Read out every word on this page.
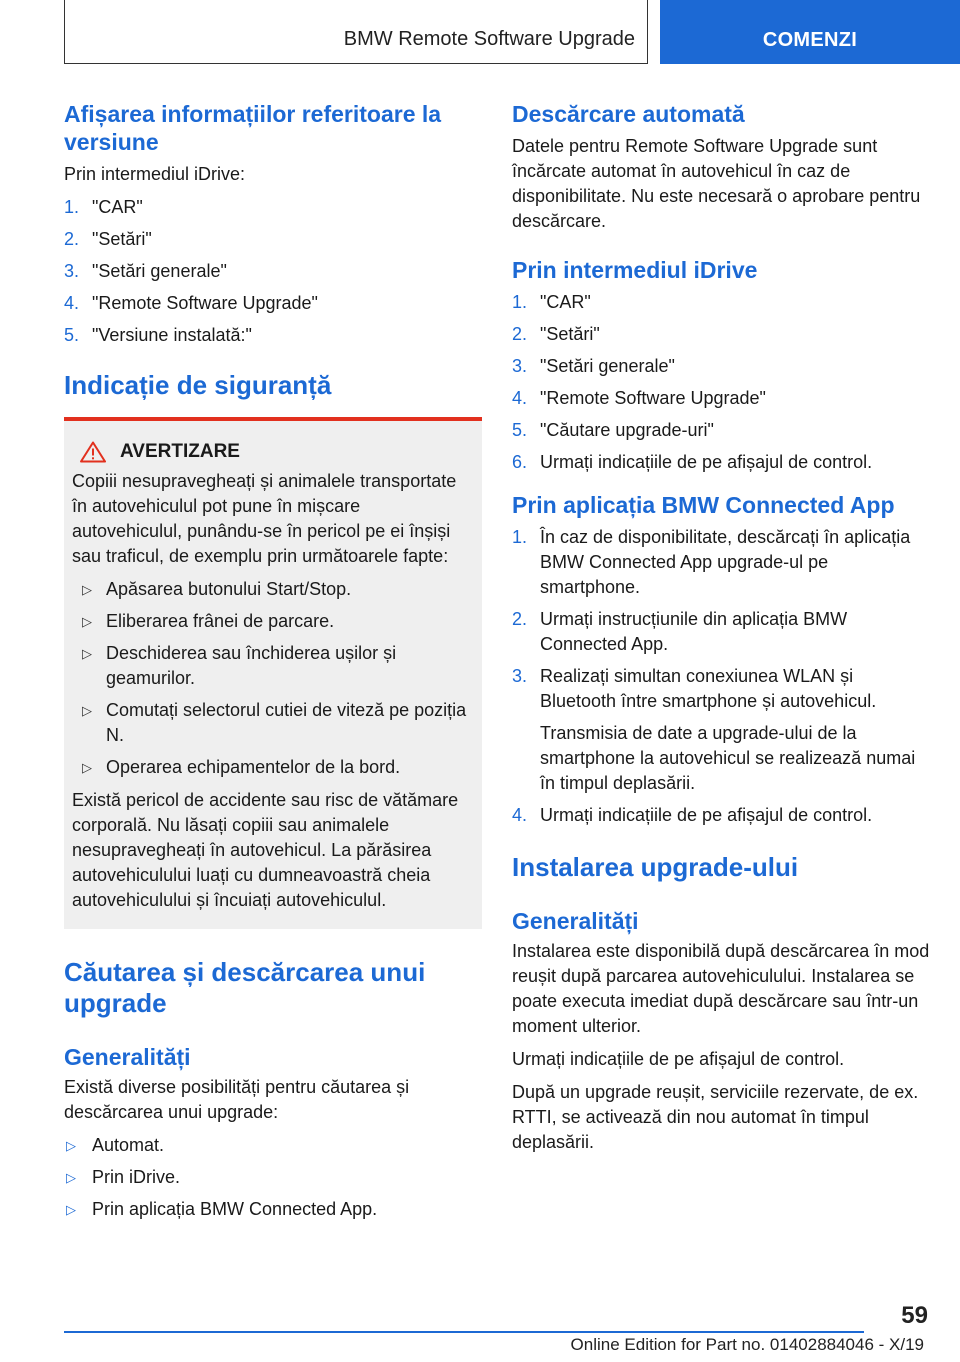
BMW Remote Software Upgrade	COMENZI
Afișarea informațiilor referitoare la versiune

Prin intermediul iDrive:

1. "CAR"
2. "Setări"
3. "Setări generale"
4. "Remote Software Upgrade"
5. "Versiune instalată:"
Indicație de siguranță
AVERTIZARE

Copiii nesupravegheați și animalele transportate în autovehiculul pot pune în mișcare autovehiculul, punându-se în pericol pe ei înșiși sau traficul, de exemplu prin următoarele fapte:

▷ Apăsarea butonului Start/Stop.
▷ Eliberarea frânei de parcare.
▷ Deschiderea sau închiderea ușilor și geamurilor.
▷ Comutați selectorul cutiei de viteză pe poziția N.
▷ Operarea echipamentelor de la bord.

Există pericol de accidente sau risc de vătămare corporală. Nu lăsați copiii sau animalele nesupravegheați în autovehicul. La părăsirea autovehiculului luați cu dumneavoastră cheia autovehiculului și încuiați autovehiculul.

Căutarea și descărcarea unui upgrade
Generalități

Există diverse posibilități pentru căutarea și descărcarea unui upgrade:

▷ Automat.
▷ Prin iDrive.
▷ Prin aplicația BMW Connected App.
Descărcare automată

Datele pentru Remote Software Upgrade sunt încărcate automat în autovehicul în caz de disponibilitate. Nu este necesară o aprobare pentru descărcare.

Prin intermediul iDrive
1. "CAR"
2. "Setări"
3. "Setări generale"
4. "Remote Software Upgrade"
5. "Căutare upgrade-uri"
6. Urmați indicațiile de pe afișajul de control.
Prin aplicația BMW Connected App
1. În caz de disponibilitate, descărcați în aplicația BMW Connected App upgrade-ul pe smartphone.
2. Urmați instrucțiunile din aplicația BMW Connected App.
3. Realizați simultan conexiunea WLAN și Bluetooth între smartphone și autovehicul.
Transmisia de date a upgrade-ului de la smartphone la autovehicul se realizează numai în timpul deplasării.
4. Urmați indicațiile de pe afișajul de control.
Instalarea upgrade-ului
Generalități

Instalarea este disponibilă după descărcarea în mod reușit după parcarea autovehiculului. Instalarea se poate executa imediat după descărcare sau într-un moment ulterior.

Urmați indicațiile de pe afișajul de control.

După un upgrade reușit, serviciile rezervate, de ex. RTTI, se activează din nou automat în timpul deplasării.

59
Online Edition for Part no. 01402884046 - X/19
